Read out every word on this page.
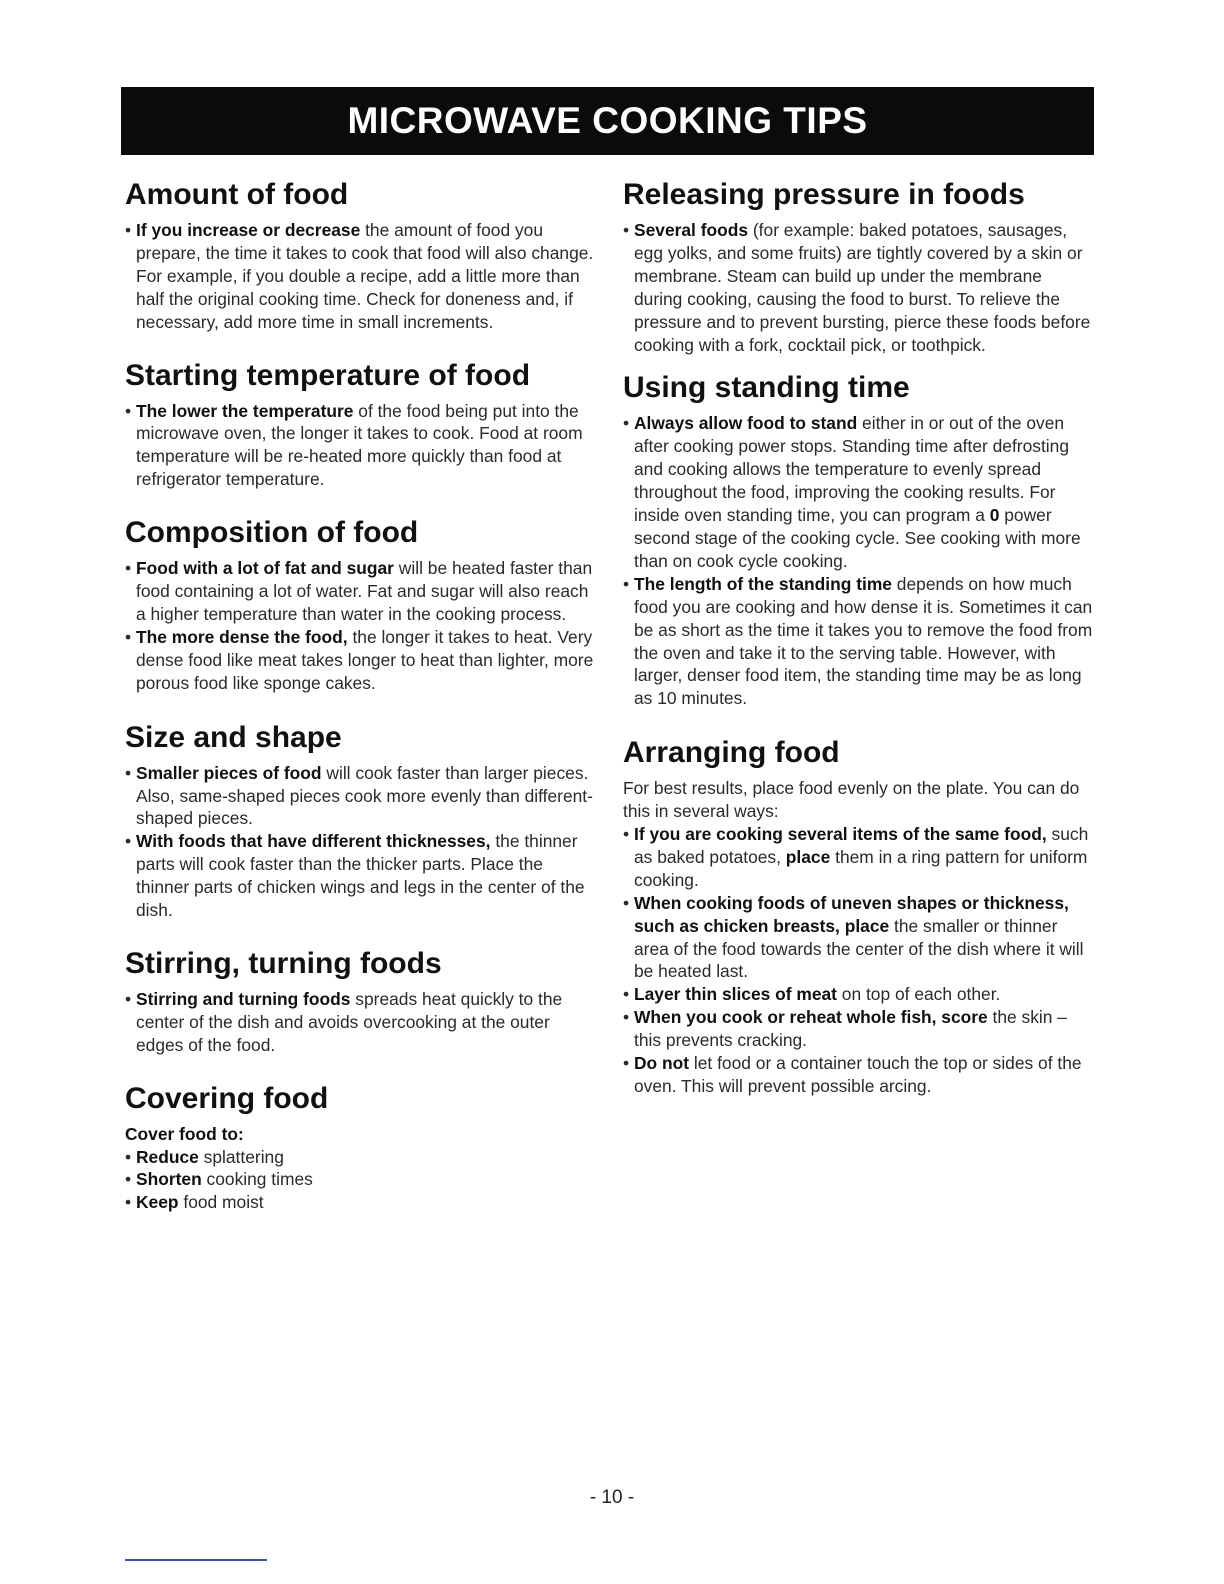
MICROWAVE COOKING TIPS
Amount of food
• If you increase or decrease the amount of food you prepare, the time it takes to cook that food will also change. For example, if you double a recipe, add a little more than half the original cooking time. Check for doneness and, if necessary, add more time in small increments.
Starting temperature of food
• The lower the temperature of the food being put into the microwave oven, the longer it takes to cook. Food at room temperature will be re-heated more quickly than food at refrigerator temperature.
Composition of food
• Food with a lot of fat and sugar will be heated faster than food containing a lot of water. Fat and sugar will also reach a higher temperature than water in the cooking process.
• The more dense the food, the longer it takes to heat. Very dense food like meat takes longer to heat than lighter, more porous food like sponge cakes.
Size and shape
• Smaller pieces of food will cook faster than larger pieces. Also, same-shaped pieces cook more evenly than different-shaped pieces.
• With foods that have different thicknesses, the thinner parts will cook faster than the thicker parts. Place the thinner parts of chicken wings and legs in the center of the dish.
Stirring, turning foods
• Stirring and turning foods spreads heat quickly to the center of the dish and avoids overcooking at the outer edges of the food.
Covering food
Cover food to:
• Reduce splattering
• Shorten cooking times
• Keep food moist
Releasing pressure in foods
• Several foods (for example: baked potatoes, sausages, egg yolks, and some fruits) are tightly covered by a skin or membrane. Steam can build up under the membrane during cooking, causing the food to burst. To relieve the pressure and to prevent bursting, pierce these foods before cooking with a fork, cocktail pick, or toothpick.
Using standing time
• Always allow food to stand either in or out of the oven after cooking power stops. Standing time after defrosting and cooking allows the temperature to evenly spread throughout the food, improving the cooking results. For inside oven standing time, you can program a 0 power second stage of the cooking cycle. See cooking with more than on cook cycle cooking.
• The length of the standing time depends on how much food you are cooking and how dense it is. Sometimes it can be as short as the time it takes you to remove the food from the oven and take it to the serving table. However, with larger, denser food item, the standing time may be as long as 10 minutes.
Arranging food
For best results, place food evenly on the plate. You can do this in several ways:
• If you are cooking several items of the same food, such as baked potatoes, place them in a ring pattern for uniform cooking.
• When cooking foods of uneven shapes or thickness, such as chicken breasts, place the smaller or thinner area of the food towards the center of the dish where it will be heated last.
• Layer thin slices of meat on top of each other.
• When you cook or reheat whole fish, score the skin – this prevents cracking.
• Do not let food or a container touch the top or sides of the oven. This will prevent possible arcing.
- 10 -
